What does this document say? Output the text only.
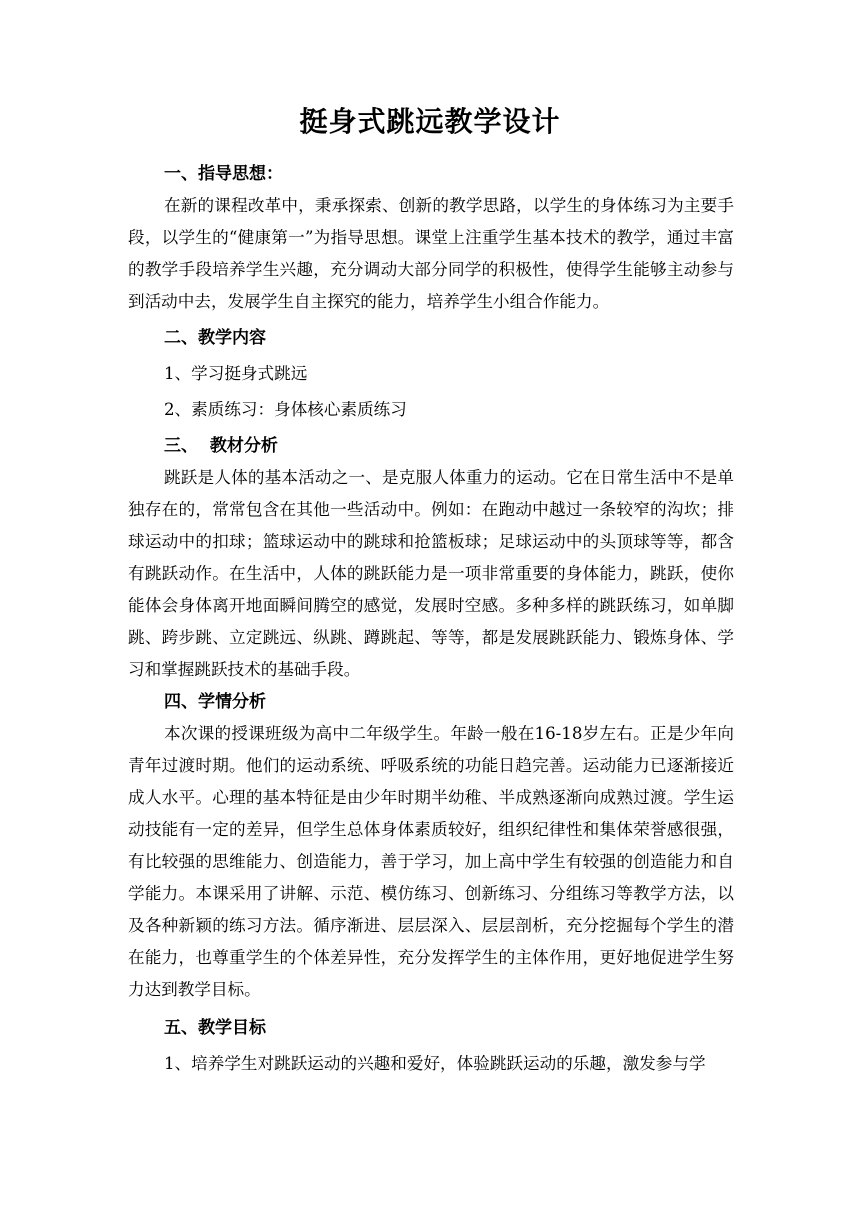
挺身式跳远教学设计

一、指导思想：

在新的课程改革中，秉承探索、创新的教学思路，以学生的身体练习为主要手段，以学生的“健康第一”为指导思想。课堂上注重学生基本技术的教学，通过丰富的教学手段培养学生兴趣，充分调动大部分同学的积极性，使得学生能够主动参与到活动中去，发展学生自主探究的能力，培养学生小组合作能力。

二、教学内容

1、学习挺身式跳远

2、素质练习：身体核心素质练习

三、  教材分析

跳跃是人体的基本活动之一、是克服人体重力的运动。它在日常生活中不是单独存在的，常常包含在其他一些活动中。例如：在跑动中越过一条较窄的沟坎；排球运动中的扣球；篮球运动中的跳球和抢篮板球；足球运动中的头顶球等等，都含有跳跃动作。在生活中，人体的跳跃能力是一项非常重要的身体能力，跳跃，使你能体会身体离开地面瞬间腾空的感觉，发展时空感。多种多样的跳跃练习，如单脚跳、跨步跳、立定跳远、纵跳、蹲跳起、等等，都是发展跳跃能力、锻炼身体、学习和掌握跳跃技术的基础手段。

四、学情分析

本次课的授课班级为高中二年级学生。年龄一般在16-18岁左右。正是少年向青年过渡时期。他们的运动系统、呼吸系统的功能日趋完善。运动能力已逐渐接近成人水平。心理的基本特征是由少年时期半幼稚、半成熟逐渐向成熟过渡。学生运动技能有一定的差异，但学生总体身体素质较好，组织纪律性和集体荣誉感很强，有比较强的思维能力、创造能力，善于学习，加上高中学生有较强的创造能力和自学能力。本课采用了讲解、示范、模仿练习、创新练习、分组练习等教学方法，以及各种新颖的练习方法。循序渐进、层层深入、层层剖析，充分挖掘每个学生的潜在能力，也尊重学生的个体差异性，充分发挥学生的主体作用，更好地促进学生努力达到教学目标。

五、教学目标

1、培养学生对跳跃运动的兴趣和爱好，体验跳跃运动的乐趣，激发参与学
